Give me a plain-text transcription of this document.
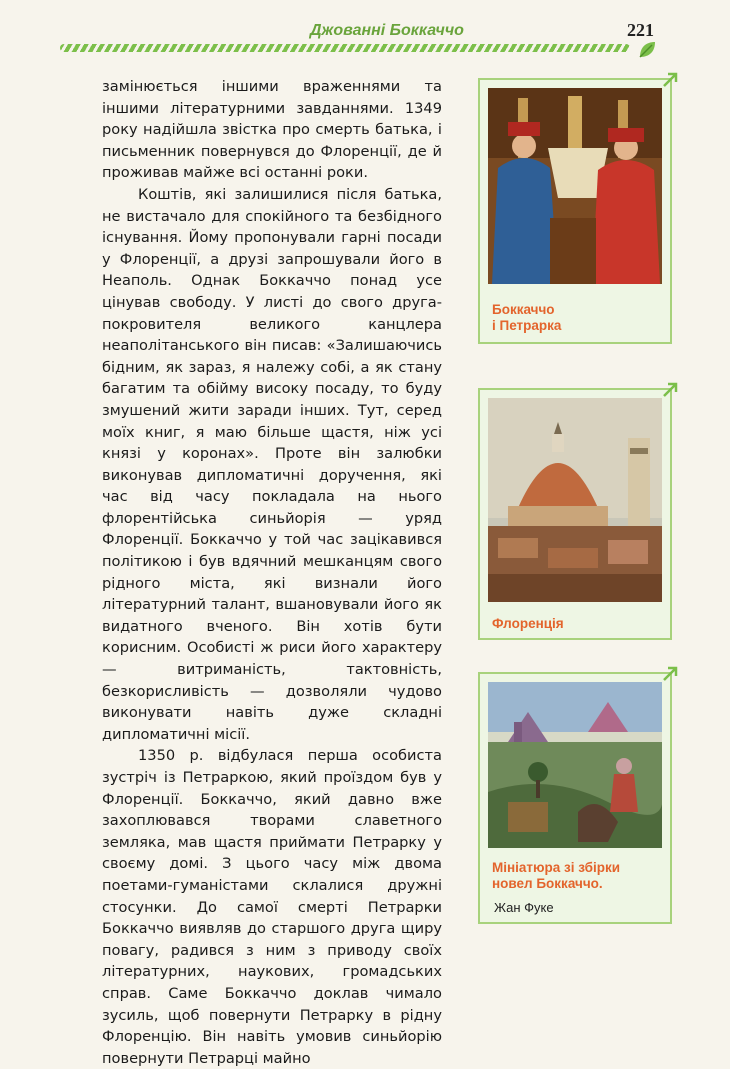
Джованні Боккаччо	221

замінюється іншими враженнями та іншими літературними завданнями. 1349 року надійшла звістка про смерть батька, і письменник повернувся до Флоренції, де й проживав майже всі останні роки.

Коштів, які залишилися після батька, не вистачало для спокійного та безбідного існування. Йому пропонували гарні посади у Флоренції, а друзі запрошували його в Неаполь. Однак Боккаччо понад усе цінував свободу. У листі до свого друга-покровителя великого канцлера неаполітанського він писав: «Залишаючись бідним, як зараз, я належу собі, а як стану багатим та обійму високу посаду, то буду змушений жити заради інших. Тут, серед моїх книг, я маю більше щастя, ніж усі князі у коронах». Проте він залюбки виконував дипломатичні доручення, які час від часу покладала на нього флорентійська синьйорія — уряд Флоренції. Боккаччо у той час зацікавився політикою і був вдячний мешканцям свого рідного міста, які визнали його літературний талант, вшановували його як видатного вченого. Він хотів бути корисним. Особисті ж риси його характеру — витриманість, тактовність, безкорисливість — дозволяли чудово виконувати навіть дуже складні дипломатичні місії.

1350 р. відбулася перша особиста зустріч із Петраркою, який проїздом був у Флоренції. Боккаччо, який давно вже захоплювався творами славетного земляка, мав щастя приймати Петрарку у своєму домі. З цього часу між двома поетами-гуманістами склалися дружні стосунки. До самої смерті Петрарки Боккаччо виявляв до старшого друга щиру повагу, радився з ним з приводу своїх літературних, наукових, громадських справ. Саме Боккаччо доклав чимало зусиль, щоб повернути Петрарку в рідну Флоренцію. Він навіть умовив синьйорію повернути Петрарці майно

Боккаччо
і Петрарка
Флоренція
Мініатюра зі збірки
новел Боккаччо.
Жан Фуке
